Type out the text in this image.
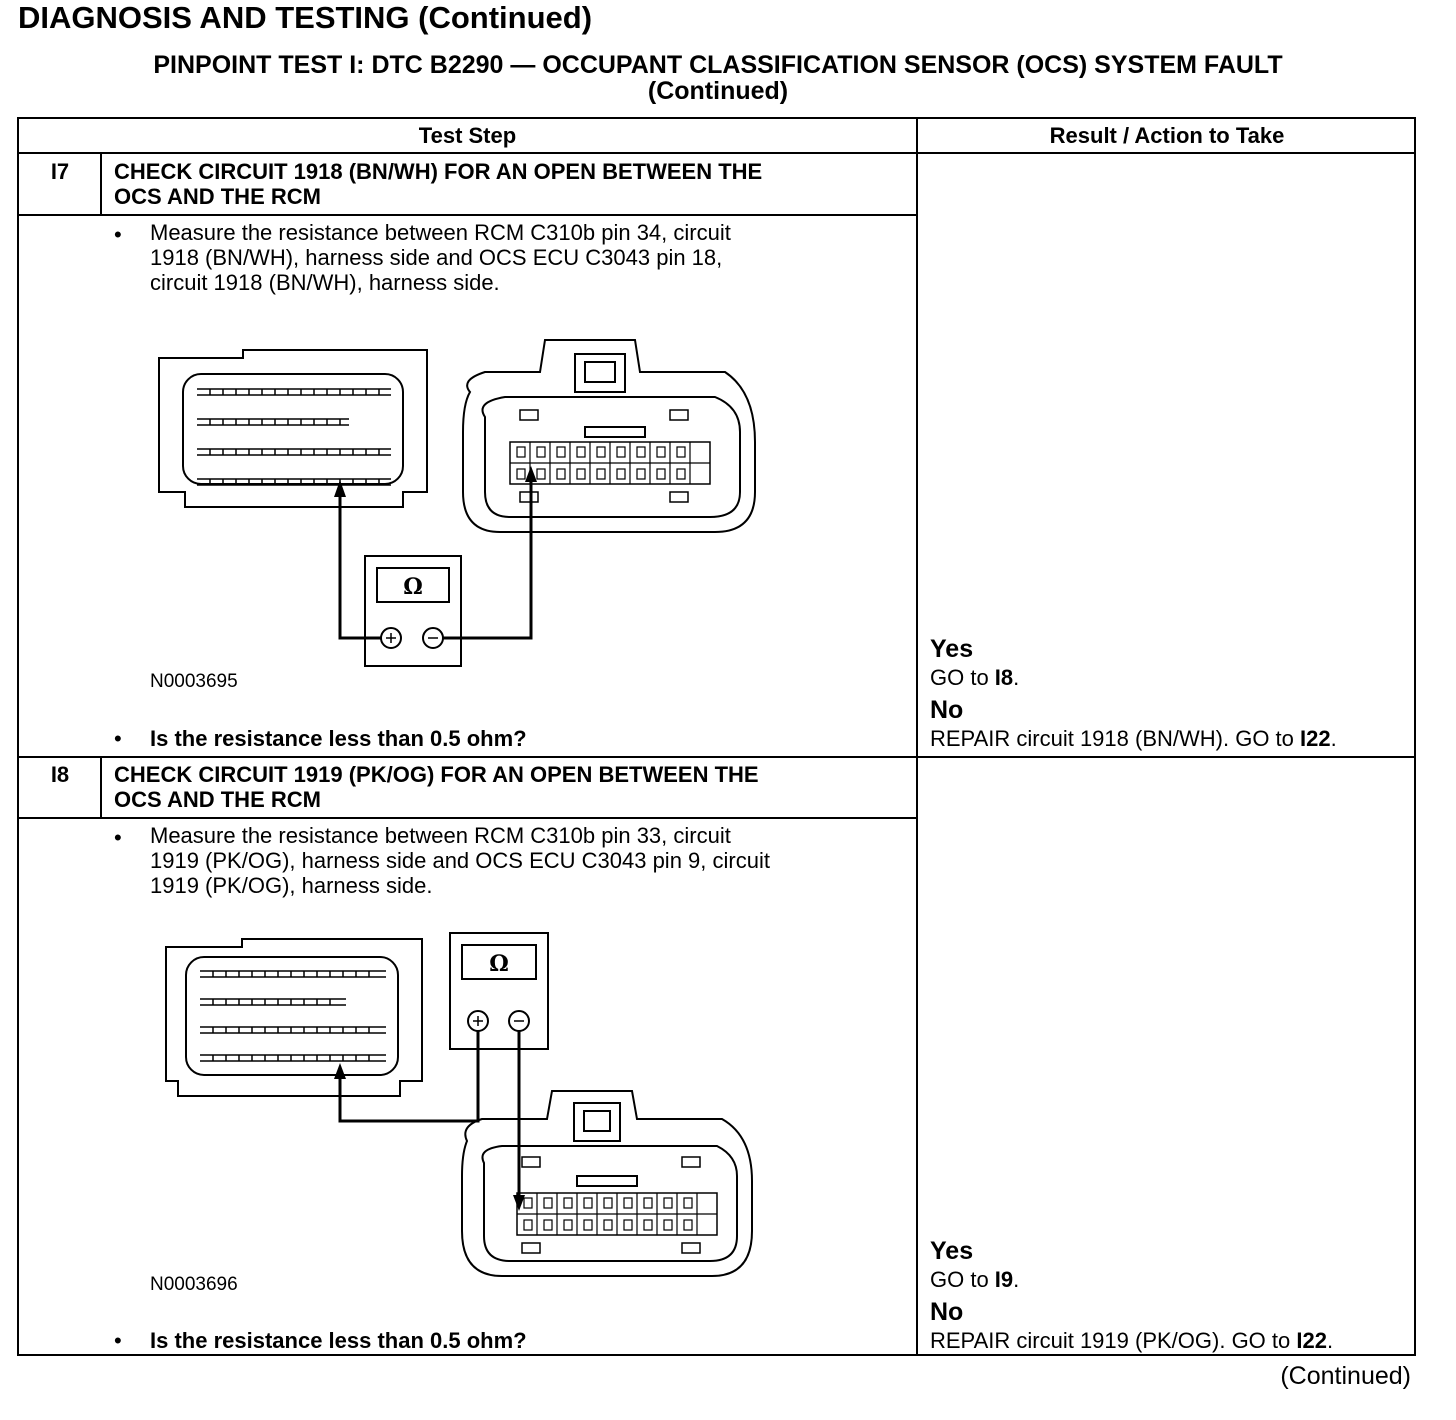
DIAGNOSIS AND TESTING (Continued)
PINPOINT TEST I: DTC B2290 — OCCUPANT CLASSIFICATION SENSOR (OCS) SYSTEM FAULT
(Continued)
Test Step	Result / Action to Take
I7	CHECK CIRCUIT 1918 (BN/WH) FOR AN OPEN BETWEEN THE
OCS AND THE RCM
• Measure the resistance between RCM C310b pin 34, circuit
1918 (BN/WH), harness side and OCS ECU C3043 pin 18,
circuit 1918 (BN/WH), harness side.
Ω
N0003695
• Is the resistance less than 0.5 ohm?
Yes
GO to I8.
No
REPAIR circuit 1918 (BN/WH). GO to I22.
I8	CHECK CIRCUIT 1919 (PK/OG) FOR AN OPEN BETWEEN THE
OCS AND THE RCM
• Measure the resistance between RCM C310b pin 33, circuit
1919 (PK/OG), harness side and OCS ECU C3043 pin 9, circuit
1919 (PK/OG), harness side.
Ω
N0003696
• Is the resistance less than 0.5 ohm?
Yes
GO to I9.
No
REPAIR circuit 1919 (PK/OG). GO to I22.
(Continued)
